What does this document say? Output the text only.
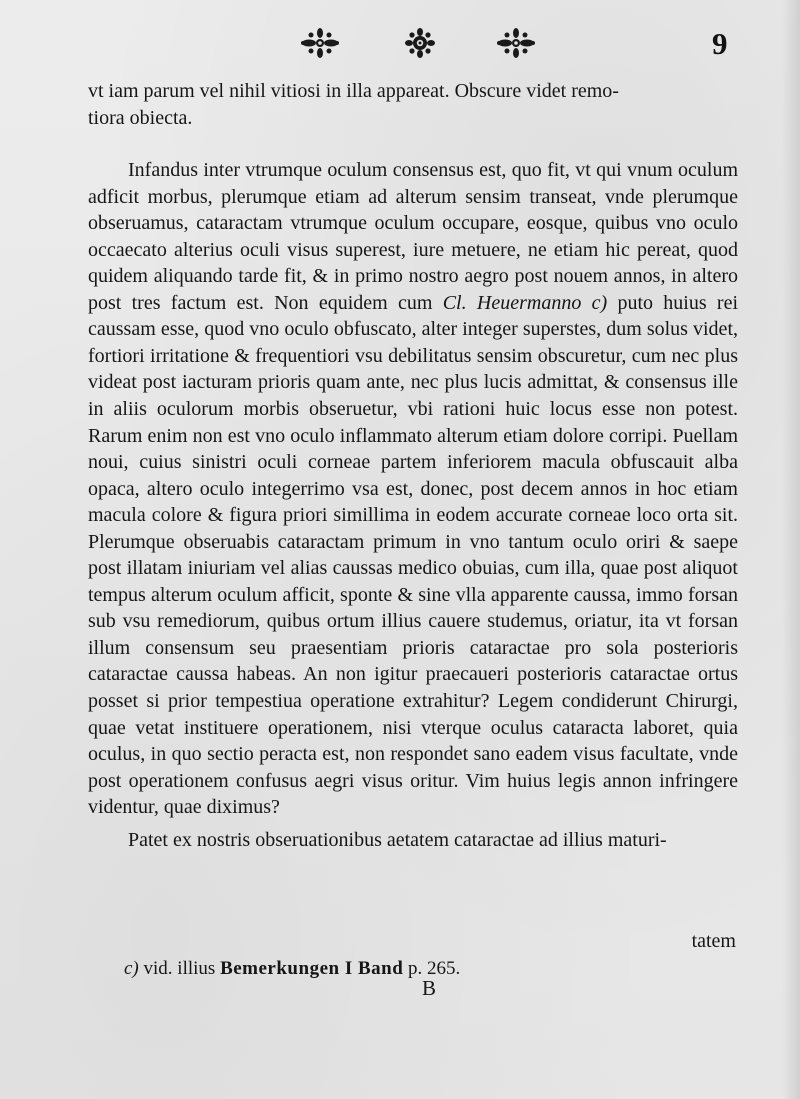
9

vt iam parum vel nihil vitiosi in illa appareat. Obscure videt remo-
tiora obiecta.

Infandus inter vtrumque oculum consensus est, quo fit, vt qui vnum oculum adficit morbus, plerumque etiam ad alterum sensim transeat, vnde plerumque obseruamus, cataractam vtrumque oculum occupare, eosque, quibus vno oculo occaecato alterius oculi visus superest, iure metuere, ne etiam hic pereat, quod quidem aliquando tarde fit, & in primo nostro aegro post nouem annos, in altero post tres factum est. Non equidem cum Cl. Heuermanno c) puto huius rei caussam esse, quod vno oculo obfuscato, alter integer superstes, dum solus videt, fortiori irritatione & frequentiori vsu debilitatus sensim obscuretur, cum nec plus videat post iacturam prioris quam ante, nec plus lucis admittat, & consensus ille in aliis oculorum morbis obseruetur, vbi rationi huic locus esse non potest. Rarum enim non est vno oculo inflammato alterum etiam dolore corripi. Puellam noui, cuius sinistri oculi corneae partem inferiorem macula obfuscauit alba opaca, altero oculo integerrimo vsa est, donec, post decem annos in hoc etiam macula colore & figura priori simillima in eodem accurate corneae loco orta sit. Plerumque obseruabis cataractam primum in vno tantum oculo oriri & saepe post illatam iniuriam vel alias caussas medico obuias, cum illa, quae post aliquot tempus alterum oculum afficit, sponte & sine vlla apparente caussa, immo forsan sub vsu remediorum, quibus ortum illius cauere studemus, oriatur, ita vt forsan illum consensum seu praesentiam prioris cataractae pro sola posterioris cataractae caussa habeas. An non igitur praecaueri posterioris cataractae ortus posset si prior tempestiua operatione extrahitur? Legem condiderunt Chirurgi, quae vetat instituere operationem, nisi vterque oculus cataracta laboret, quia oculus, in quo sectio peracta est, non respondet sano eadem visus facultate, vnde post operationem confusus aegri visus oritur. Vim huius legis annon infringere videntur, quae diximus?

Patet ex nostris obseruationibus aetatem cataractae ad illius maturi-

tatem
c) vid. illius Bemerkungen I Band p. 265.
B
